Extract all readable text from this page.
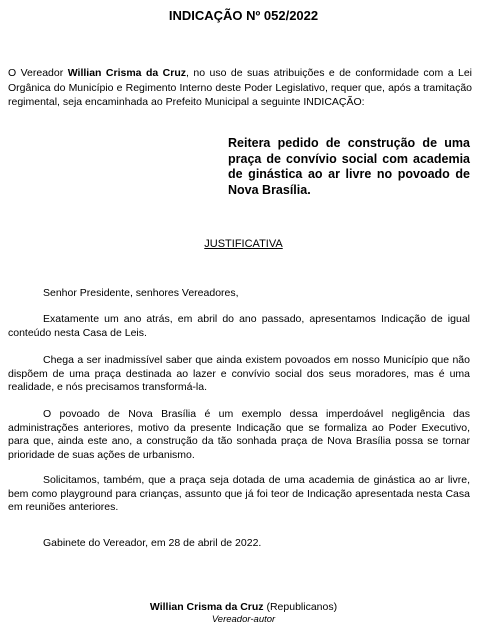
INDICAÇÃO Nº 052/2022
O Vereador Willian Crisma da Cruz, no uso de suas atribuições e de conformidade com a Lei Orgânica do Município e Regimento Interno deste Poder Legislativo, requer que, após a tramitação regimental, seja encaminhada ao Prefeito Municipal a seguinte INDICAÇÃO:
Reitera pedido de construção de uma praça de convívio social com academia de ginástica ao ar livre no povoado de Nova Brasília.
JUSTIFICATIVA

Senhor Presidente, senhores Vereadores,

Exatamente um ano atrás, em abril do ano passado, apresentamos Indicação de igual conteúdo nesta Casa de Leis.

Chega a ser inadmissível saber que ainda existem povoados em nosso Município que não dispõem de uma praça destinada ao lazer e convívio social dos seus moradores, mas é uma realidade, e nós precisamos transformá-la.

O povoado de Nova Brasília é um exemplo dessa imperdoável negligência das administrações anteriores, motivo da presente Indicação que se formaliza ao Poder Executivo, para que, ainda este ano, a construção da tão sonhada praça de Nova Brasília possa se tornar prioridade de suas ações de urbanismo.

Solicitamos, também, que a praça seja dotada de uma academia de ginástica ao ar livre, bem como playground para crianças, assunto que já foi teor de Indicação apresentada nesta Casa em reuniões anteriores.

Gabinete do Vereador, em 28 de abril de 2022.

Willian Crisma da Cruz (Republicanos)
Vereador-autor
